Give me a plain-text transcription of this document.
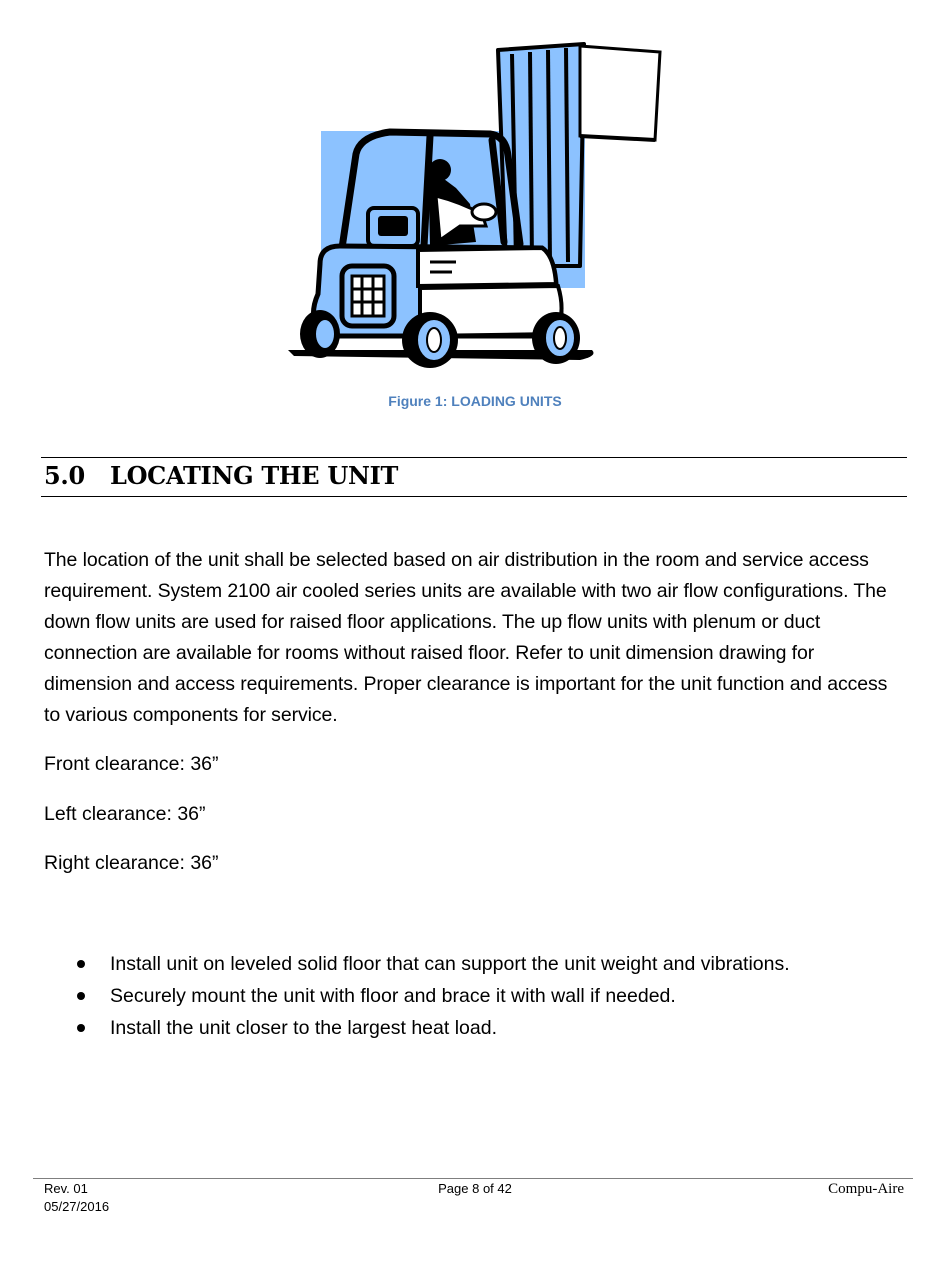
Figure 1: LOADING UNITS
5.0 LOCATING THE UNIT

The location of the unit shall be selected based on air distribution in the room and service access requirement. System 2100 air cooled series units are available with two air flow configurations. The down flow units are used for raised floor applications. The up flow units with plenum or duct connection are available for rooms without raised floor. Refer to unit dimension drawing for dimension and access requirements. Proper clearance is important for the unit function and access to various components for service.

Front clearance: 36”

Left clearance: 36”

Right clearance: 36”

Install unit on leveled solid floor that can support the unit weight and vibrations.
Securely mount the unit with floor and brace it with wall if needed.
Install the unit closer to the largest heat load.
Rev. 01
05/27/2016
Page 8 of 42	Compu-Aire
